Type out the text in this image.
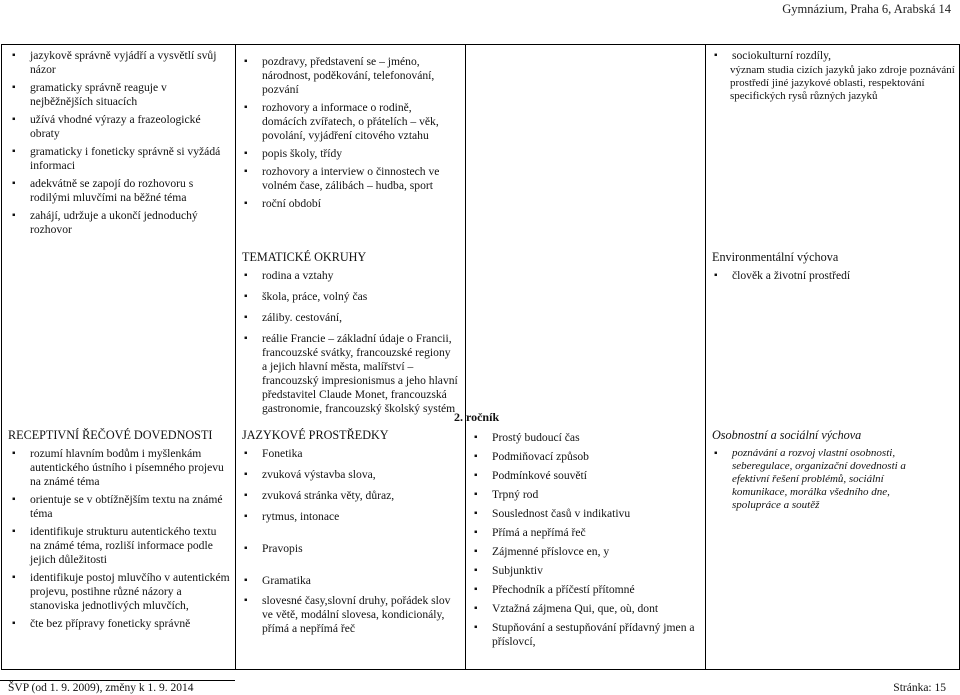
Gymnázium, Praha 6, Arabská 14
▪ jazykově správně vyjádří a vysvětlí svůj názor
▪ gramaticky správně reaguje v nejběžnějších situacích
▪ užívá vhodné výrazy a frazeologické obraty
▪ gramaticky i foneticky správně si vyžádá informaci
▪ adekvátně se zapojí do rozhovoru s rodilými mluvčími na běžné téma
▪ zahájí, udržuje a ukončí jednoduchý rozhovor
RECEPTIVNÍ ŘEČOVÉ DOVEDNOSTI
▪ rozumí hlavním bodům i myšlenkám autentického ústního i písemného projevu na známé téma
▪ orientuje se v obtížnějším textu na známé téma
▪ identifikuje strukturu autentického textu na známé téma, rozliší informace podle jejich důležitosti
▪ identifikuje postoj mluvčího v autentickém projevu, postihne různé názory a stanoviska jednotlivých mluvčích,
▪ čte bez přípravy foneticky správně

▪ pozdravy, představení se – jméno, národnost, poděkování, telefonování, pozvání
▪ rozhovory a informace o rodině, domácích zvířatech, o přátelích – věk, povolání, vyjádření citového vztahu
▪ popis školy, třídy
▪ rozhovory a interview o činnostech ve volném čase, zálibách – hudba, sport
▪ roční období
TEMATICKÉ OKRUHY
▪ rodina a vztahy
▪ škola, práce, volný čas
▪ záliby. cestování,
▪ reálie Francie – základní údaje o Francii, francouzské svátky, francouzské regiony a jejich hlavní města, malířství – francouzský impresionismus a jeho hlavní představitel Claude Monet, francouzská gastronomie, francouzský školský systém
JAZYKOVÉ PROSTŘEDKY
▪ Fonetika
▪ zvuková výstavba slova,
▪ zvuková stránka věty, důraz,
▪ rytmus, intonace
▪ Pravopis
▪ Gramatika
▪ slovesné časy,slovní druhy, pořádek slov ve větě, modální slovesa, kondicionály, přímá a nepřímá řeč

▪ Prostý budoucí čas
▪ Podmiňovací způsob
▪ Podmínkové souvětí
▪ Trpný rod
▪ Souslednost časů v indikativu
▪ Přímá a nepřímá řeč
▪ Zájmenné příslovce en, y
▪ Subjunktiv
▪ Přechodník a příčestí přítomné
▪ Vztažná zájmena Qui, que, où, dont
▪ Stupňování a sestupňování přídavný jmen a příslovcí,

▪ sociokulturní rozdíly,
význam studia cizích jazyků jako zdroje poznávání prostředí jiné jazykové oblasti, respektování specifických rysů různých jazyků
Environmentální výchova
▪ člověk a životní prostředí
Osobnostní a sociální výchova
▪ poznávání a rozvoj vlastní osobnosti, seberegulace, organizační dovednosti a efektivní řešení problémů, sociální komunikace, morálka všedního dne, spolupráce a soutěž
2. ročník
ŠVP (od 1. 9. 2009), změny k 1. 9. 2014	Stránka: 15
